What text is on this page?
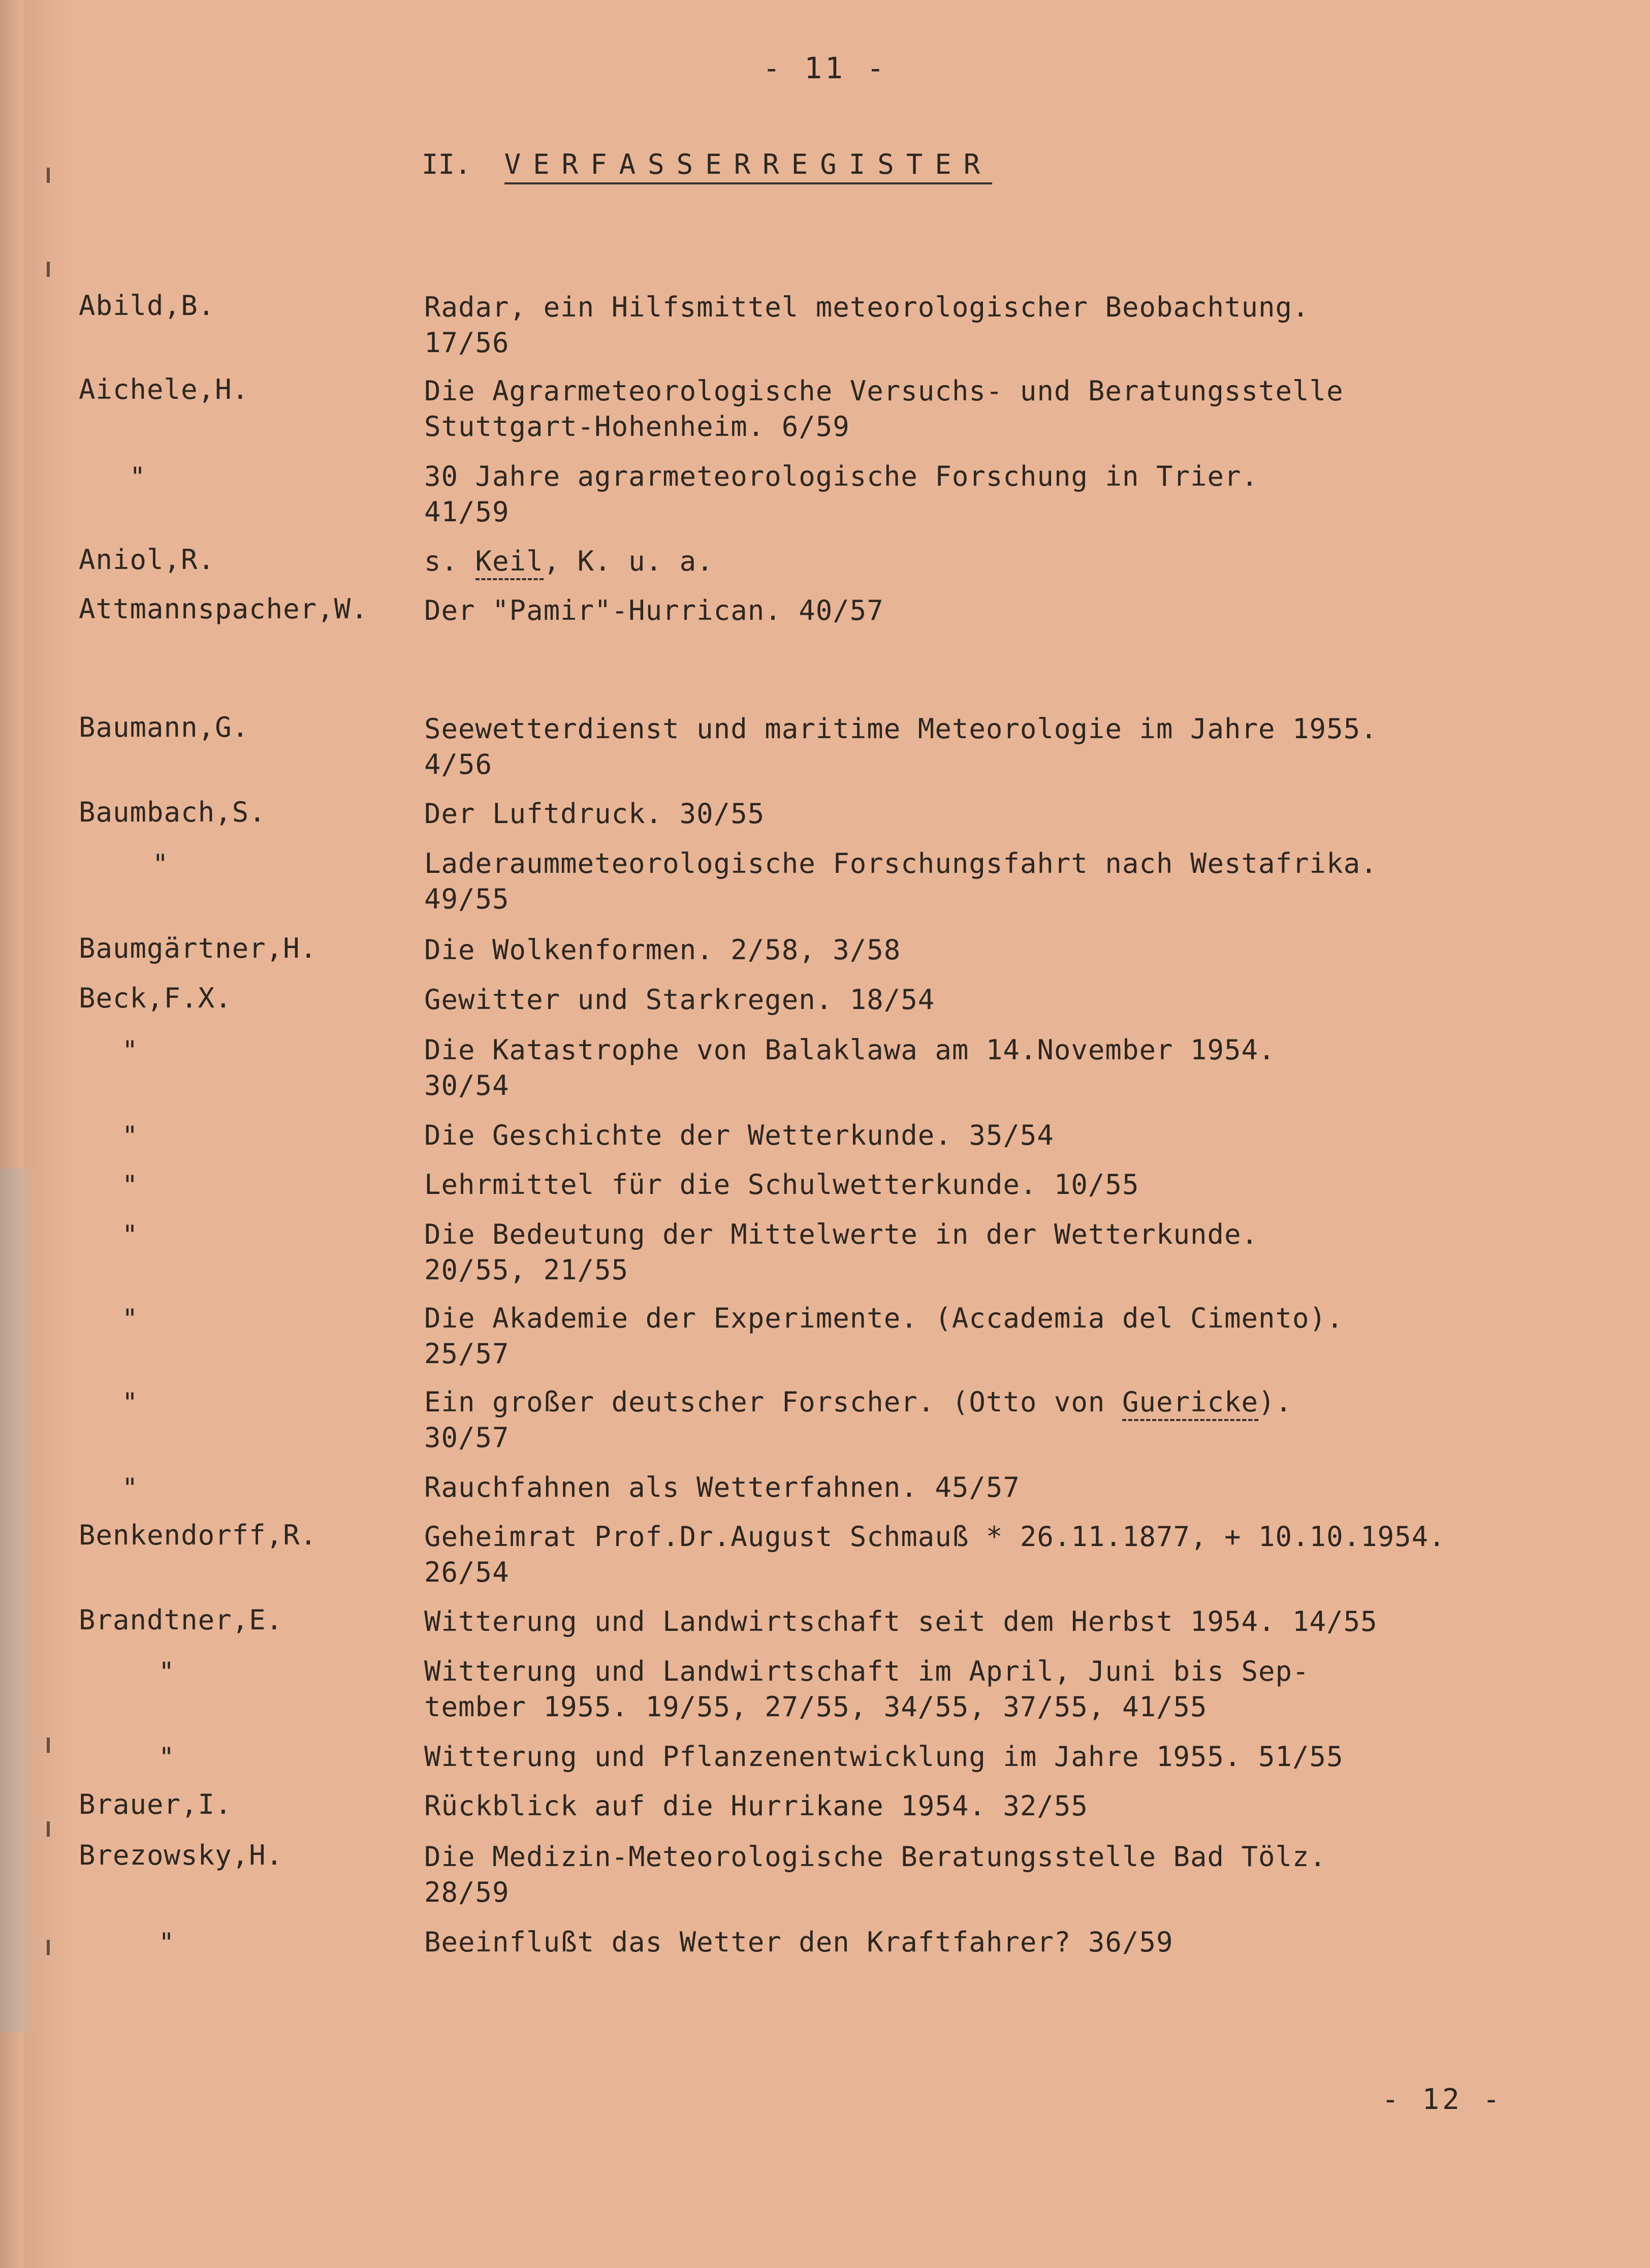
- 11 -
II. VERFASSERREGISTER
Abild,B.	Radar, ein Hilfsmittel meteorologischer Beobachtung.
17/56
Aichele,H.	Die Agrarmeteorologische Versuchs- und Beratungsstelle
Stuttgart-Hohenheim. 6/59
"	30 Jahre agrarmeteorologische Forschung in Trier.
41/59
Aniol,R.	s. Keil, K. u. a.
Attmannspacher,W. Der "Pamir"-Hurrican. 40/57
Baumann,G.	Seewetterdienst und maritime Meteorologie im Jahre 1955.
4/56
Baumbach,S.	Der Luftdruck. 30/55
"	Laderaummeteorologische Forschungsfahrt nach Westafrika.
49/55
Baumgärtner,H.	Die Wolkenformen. 2/58, 3/58
Beck,F.X.	Gewitter und Starkregen. 18/54
"	Die Katastrophe von Balaklawa am 14.November 1954.
30/54
"	Die Geschichte der Wetterkunde. 35/54
"	Lehrmittel für die Schulwetterkunde. 10/55
"	Die Bedeutung der Mittelwerte in der Wetterkunde.
20/55, 21/55
"	Die Akademie der Experimente. (Accademia del Cimento).
25/57
"	Ein großer deutscher Forscher. (Otto von Guericke).
30/57
"	Rauchfahnen als Wetterfahnen. 45/57
Benkendorff,R.	Geheimrat Prof.Dr.August Schmauß * 26.11.1877, + 10.10.1954.
26/54
Brandtner,E.	Witterung und Landwirtschaft seit dem Herbst 1954. 14/55
"	Witterung und Landwirtschaft im April, Juni bis Sep-
tember 1955. 19/55, 27/55, 34/55, 37/55, 41/55
"	Witterung und Pflanzenentwicklung im Jahre 1955. 51/55
Brauer,I.	Rückblick auf die Hurrikane 1954. 32/55
Brezowsky,H.	Die Medizin-Meteorologische Beratungsstelle Bad Tölz.
28/59
"	Beeinflußt das Wetter den Kraftfahrer? 36/59
- 12 -
